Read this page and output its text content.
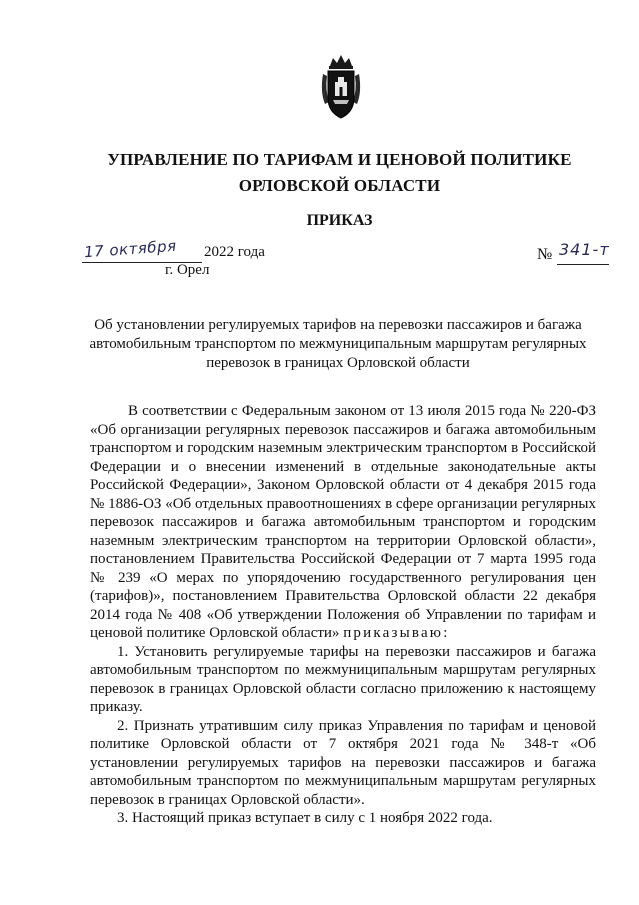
УПРАВЛЕНИЕ ПО ТАРИФАМ И ЦЕНОВОЙ ПОЛИТИКЕ
ОРЛОВСКОЙ ОБЛАСТИ
ПРИКАЗ
17 октября 2022 года
г. Орел
№ 341-т
Об установлении регулируемых тарифов на перевозки пассажиров и багажа автомобильным транспортом по межмуниципальным маршрутам регулярных перевозок в границах Орловской области

В соответствии с Федеральным законом от 13 июля 2015 года № 220-ФЗ «Об организации регулярных перевозок пассажиров и багажа автомобильным транспортом и городским наземным электрическим транспортом в Российской Федерации и о внесении изменений в отдельные законодательные акты Российской Федерации», Законом Орловской области от 4 декабря 2015 года № 1886-ОЗ «Об отдельных правоотношениях в сфере организации регулярных перевозок пассажиров и багажа автомобильным транспортом и городским наземным электрическим транспортом на территории Орловской области», постановлением Правительства Российской Федерации от 7 марта 1995 года № 239 «О мерах по упорядочению государственного регулирования цен (тарифов)», постановлением Правительства Орловской области 22 декабря 2014 года № 408 «Об утверждении Положения об Управлении по тарифам и ценовой политике Орловской области» приказываю:

1. Установить регулируемые тарифы на перевозки пассажиров и багажа автомобильным транспортом по межмуниципальным маршрутам регулярных перевозок в границах Орловской области согласно приложению к настоящему приказу.

2. Признать утратившим силу приказ Управления по тарифам и ценовой политике Орловской области от 7 октября 2021 года № 348-т «Об установлении регулируемых тарифов на перевозки пассажиров и багажа автомобильным транспортом по межмуниципальным маршрутам регулярных перевозок в границах Орловской области».

3. Настоящий приказ вступает в силу с 1 ноября 2022 года.
